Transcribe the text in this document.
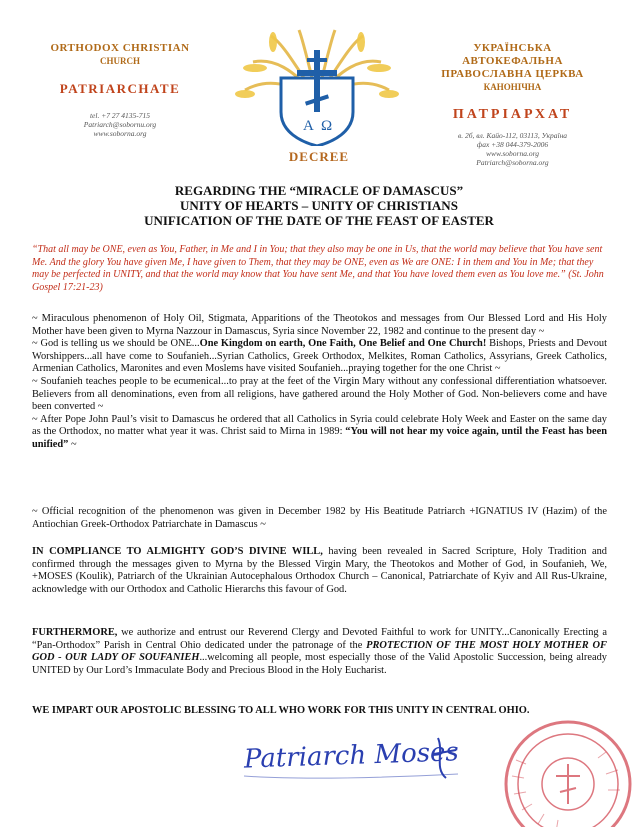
ORTHODOX CHRISTIAN
CHURCH
PATRIARCHATE
tel. +7 27 4135-715
Patriarch@sobornu.org
www.soborna.org	Α Ω
УКРАЇНСЬКА АВТОКЕФАЛЬНА
ПРАВОСЛАВНА ЦЕРКВА
КАНОНІЧНА
ПАТРІАРХАТ
в. 2б, вл. Кайо-112, 03113, Україна
фах +38 044-379-2006
www.soborna.org
Patriarch@soborna.org
DECREE
REGARDING THE “MIRACLE OF DAMASCUS”
UNITY OF HEARTS – UNITY OF CHRISTIANS
UNIFICATION OF THE DATE OF THE FEAST OF EASTER
“That all may be ONE, even as You, Father, in Me and I in You; that they also may be one in Us, that the world may believe that You have sent Me. And the glory You have given Me, I have given to Them, that they may be ONE, even as We are ONE: I in them and You in Me; that they may be perfected in UNITY, and that the world may know that You have sent Me, and that You have loved them even as You love me.” (St. John Gospel 17:21-23)

~ Miraculous phenomenon of Holy Oil, Stigmata, Apparitions of the Theotokos and messages from Our Blessed Lord and His Holy Mother have been given to Myrna Nazzour in Damascus, Syria since November 22, 1982 and continue to the present day ~

~ God is telling us we should be ONE...One Kingdom on earth, One Faith, One Belief and One Church! Bishops, Priests and Devout Worshippers...all have come to Soufanieh...Syrian Catholics, Greek Orthodox, Melkites, Roman Catholics, Assyrians, Greek Catholics, Armenian Catholics, Maronites and even Moslems have visited Soufanieh...praying together for the one Christ ~

~ Soufanieh teaches people to be ecumenical...to pray at the feet of the Virgin Mary without any confessional differentiation whatsoever. Believers from all denominations, even from all religions, have gathered around the Holy Mother of God. Non-believers come and have been converted ~

~ After Pope John Paul’s visit to Damascus he ordered that all Catholics in Syria could celebrate Holy Week and Easter on the same day as the Orthodox, no matter what year it was. Christ said to Mirna in 1989: “You will not hear my voice again, until the Feast has been unified” ~

~ Official recognition of the phenomenon was given in December 1982 by His Beatitude Patriarch +IGNATIUS IV (Hazim) of the Antiochian Greek-Orthodox Patriarchate in Damascus ~
IN COMPLIANCE TO ALMIGHTY GOD’S DIVINE WILL, having been revealed in Sacred Scripture, Holy Tradition and confirmed through the messages given to Myrna by the Blessed Virgin Mary, the Theotokos and Mother of God, in Soufanieh, We, +MOSES (Koulik), Patriarch of the Ukrainian Autocephalous Orthodox Church – Canonical, Patriarchate of Kyiv and All Rus-Ukraine, acknowledge with our Orthodox and Catholic Hierarchs this favour of God.
FURTHERMORE, we authorize and entrust our Reverend Clergy and Devoted Faithful to work for UNITY...Canonically Erecting a “Pan-Orthodox” Parish in Central Ohio dedicated under the patronage of the PROTECTION OF THE MOST HOLY MOTHER OF GOD - OUR LADY OF SOUFANIEH...welcoming all people, most especially those of the Valid Apostolic Succession, being already UNITED by Our Lord’s Immaculate Body and Precious Blood in the Holy Eucharist.
WE IMPART OUR APOSTOLIC BLESSING TO ALL WHO WORK FOR THIS UNITY IN CENTRAL OHIO.
Patriarch Moses
